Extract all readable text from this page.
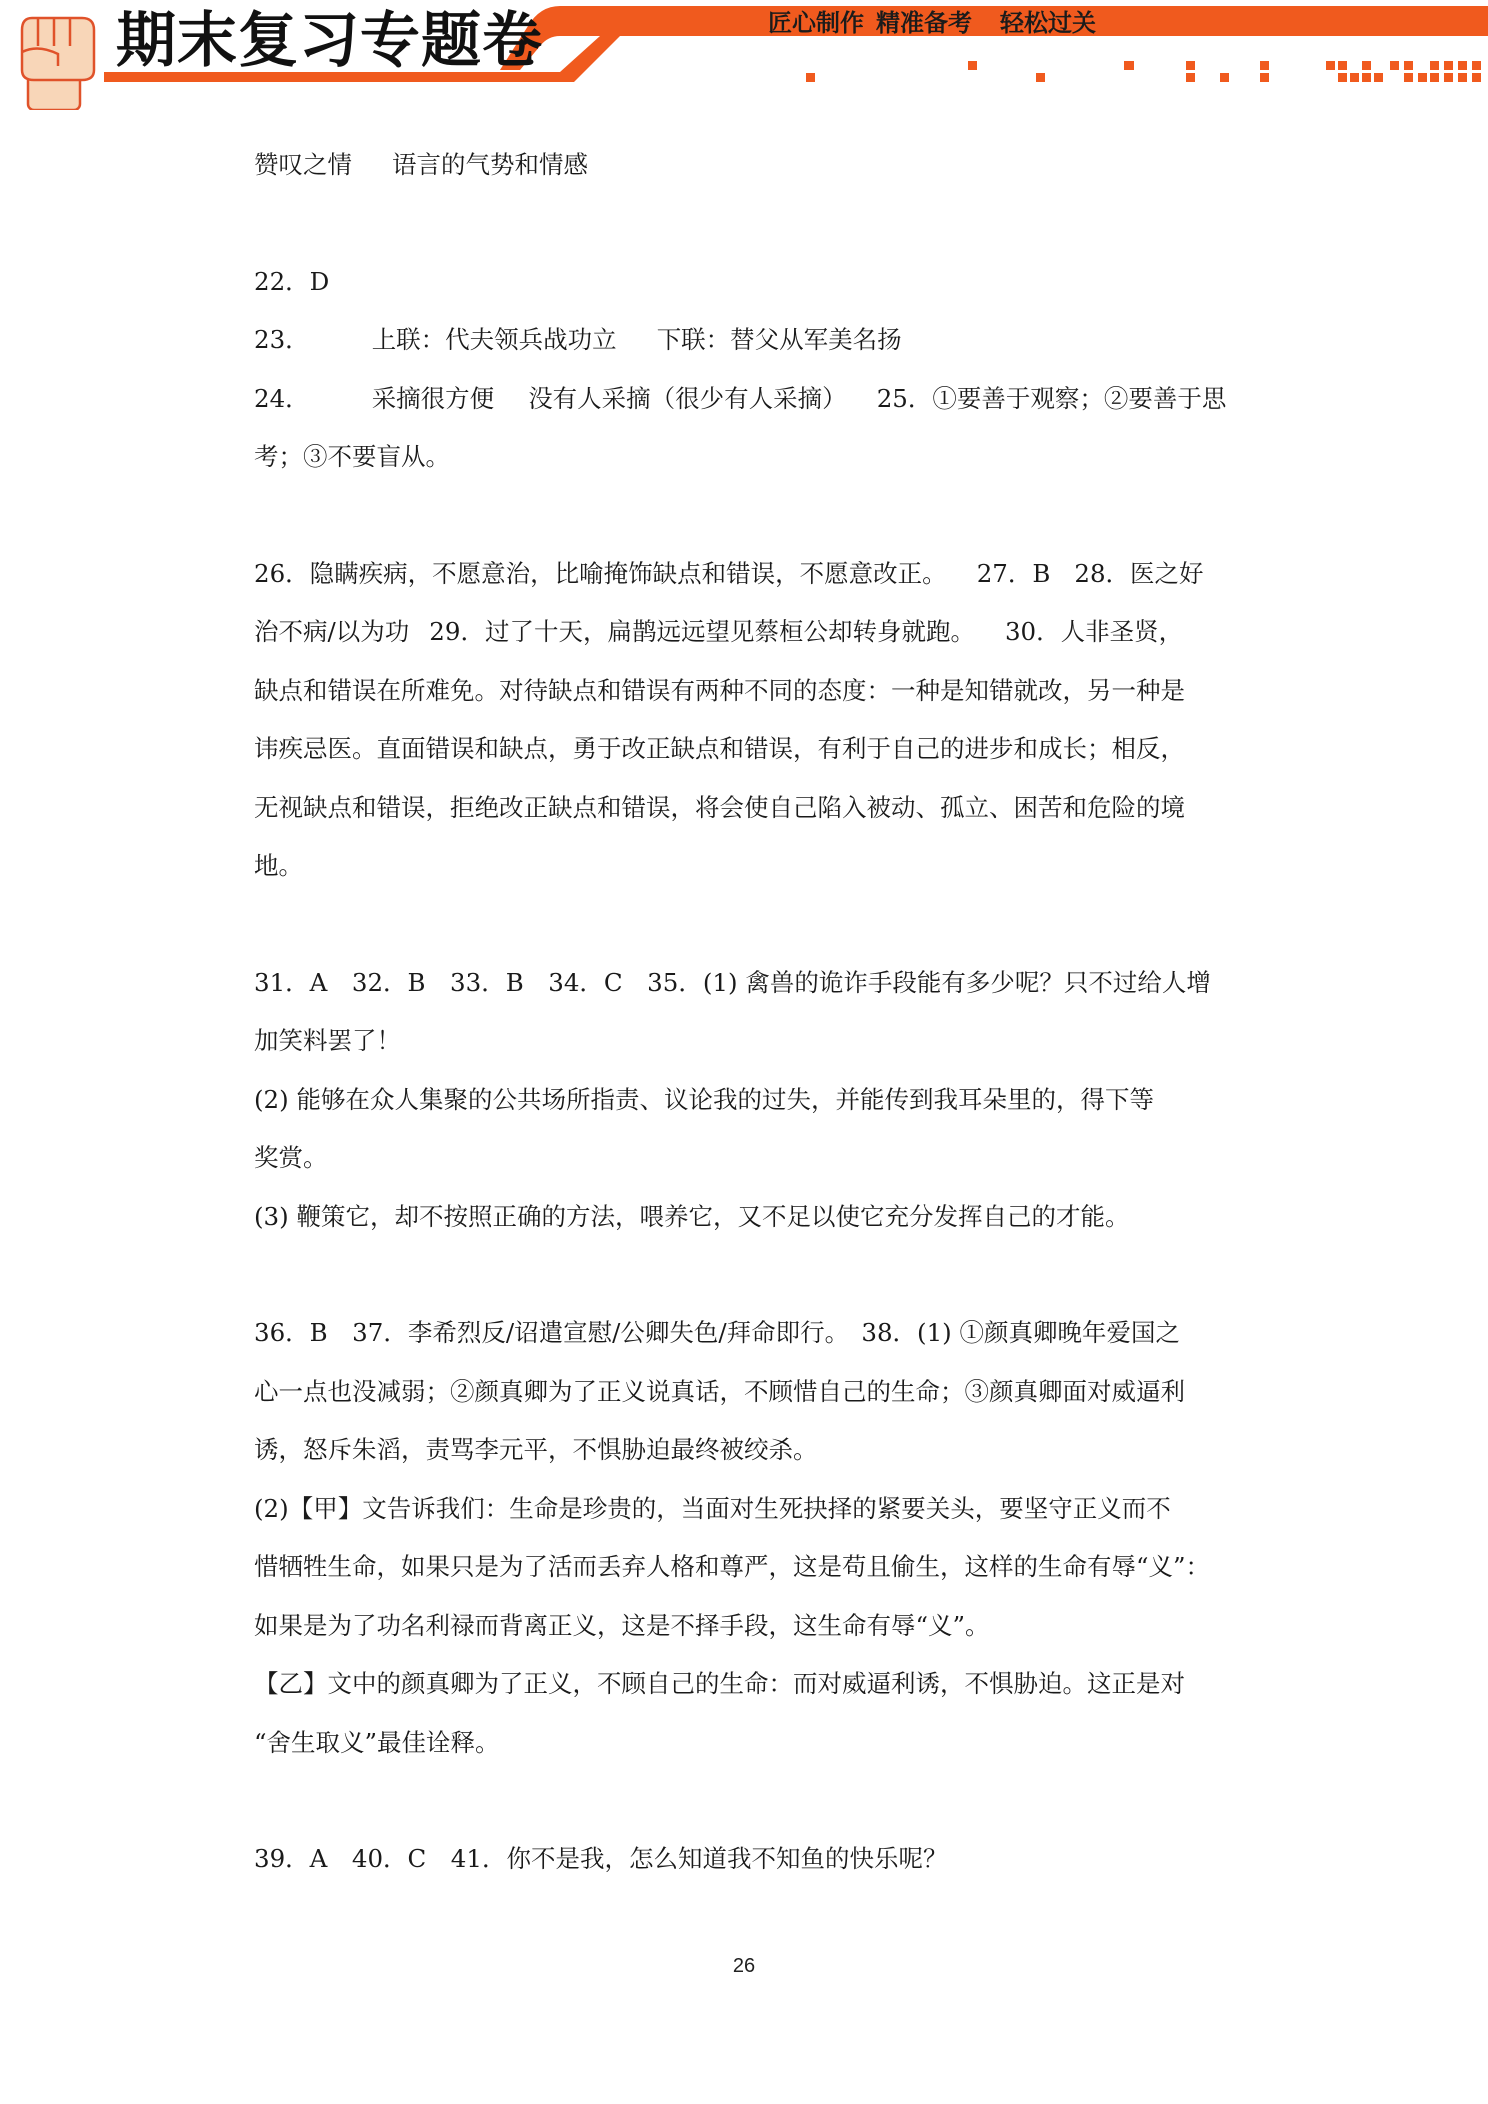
期末复习专题卷	匠心制作 精准备考 轻松过关

赞叹之情 语言的气势和情感

22．D

23．	上联：代夫领兵战功立 下联：替父从军美名扬

24．	采摘很方便 没有人采摘（很少有人采摘） 25．①要善于观察；②要善于思

考；③不要盲从。

26．隐瞒疾病，不愿意治，比喻掩饰缺点和错误，不愿意改正。 27．B 28．医之好

治不病/以为功 29．过了十天，扁鹊远远望见蔡桓公却转身就跑。 30．人非圣贤，

缺点和错误在所难免。对待缺点和错误有两种不同的态度：一种是知错就改，另一种是

讳疾忌医。直面错误和缺点，勇于改正缺点和错误，有利于自己的进步和成长；相反，

无视缺点和错误，拒绝改正缺点和错误，将会使自己陷入被动、孤立、困苦和危险的境

地。

31．A　32．B　33．B　34．C　35．(1) 禽兽的诡诈手段能有多少呢？只不过给人增

加笑料罢了！

(2) 能够在众人集聚的公共场所指责、议论我的过失，并能传到我耳朵里的，得下等

奖赏。

(3) 鞭策它，却不按照正确的方法，喂养它，又不足以使它充分发挥自己的才能。

36．B　37．李希烈反/诏遣宣慰/公卿失色/拜命即行。　38．(1) ①颜真卿晚年爱国之

心一点也没减弱；②颜真卿为了正义说真话，不顾惜自己的生命；③颜真卿面对威逼利

诱，怒斥朱滔，责骂李元平，不惧胁迫最终被绞杀。

(2)【甲】文告诉我们：生命是珍贵的，当面对生死抉择的紧要关头，要坚守正义而不

惜牺牲生命，如果只是为了活而丢弃人格和尊严，这是苟且偷生，这样的生命有辱“义”：

如果是为了功名利禄而背离正义，这是不择手段，这生命有辱“义”。

【乙】文中的颜真卿为了正义，不顾自己的生命：而对威逼利诱，不惧胁迫。这正是对

“舍生取义”最佳诠释。

39．A　40．C　41．你不是我，怎么知道我不知鱼的快乐呢？

26
